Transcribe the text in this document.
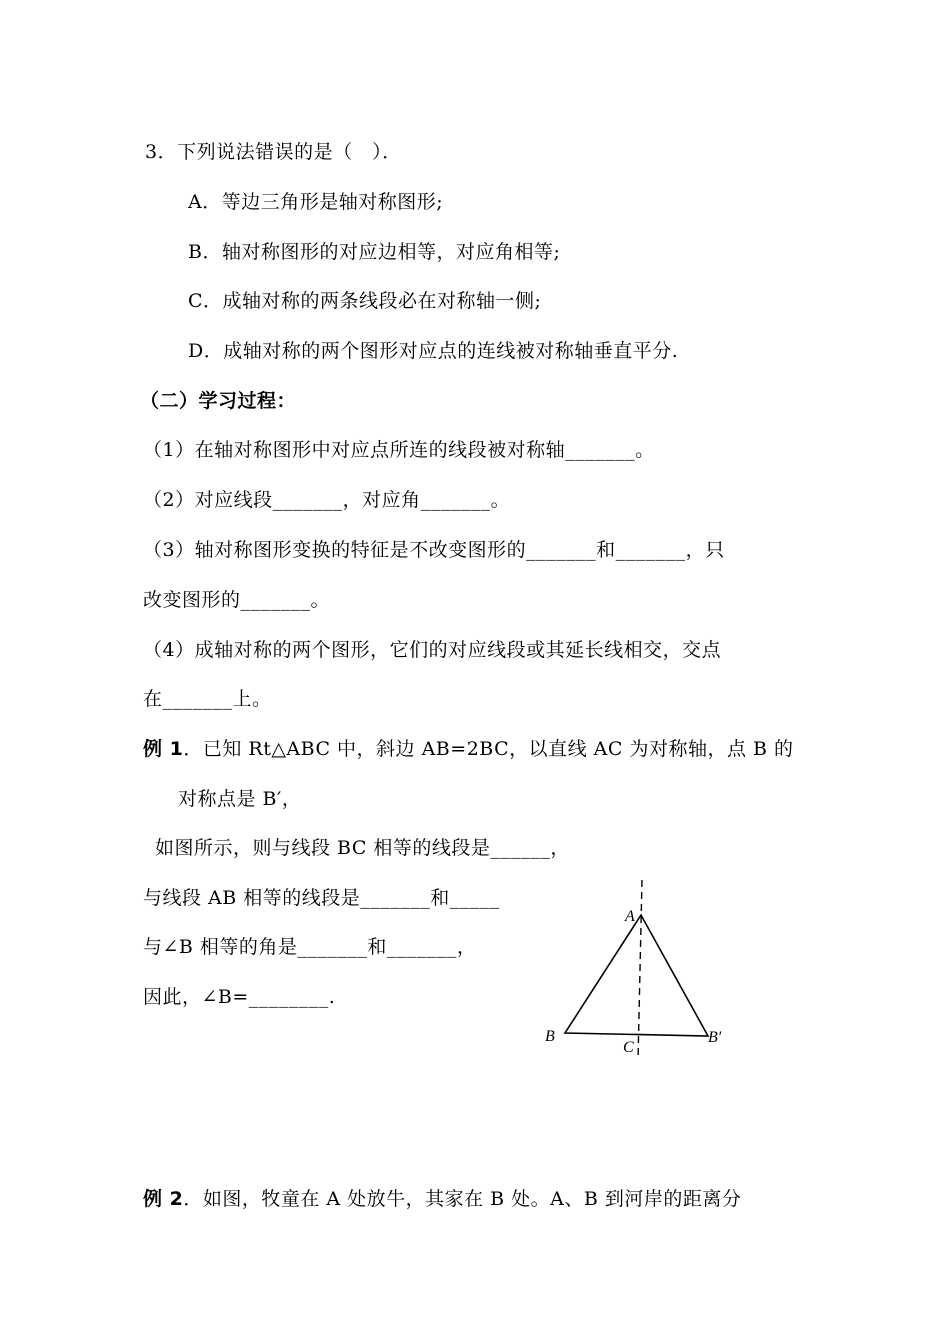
3．下列说法错误的是（　）．
A．等边三角形是轴对称图形;
B．轴对称图形的对应边相等，对应角相等;
C．成轴对称的两条线段必在对称轴一侧;
D．成轴对称的两个图形对应点的连线被对称轴垂直平分.
（二）学习过程：
（1）在轴对称图形中对应点所连的线段被对称轴_______。
（2）对应线段_______，对应角_______。
（3）轴对称图形变换的特征是不改变图形的_______和_______，只
改变图形的_______。
（4）成轴对称的两个图形，它们的对应线段或其延长线相交，交点
在_______上。
例 1．已知 Rt△ABC 中，斜边 AB=2BC，以直线 AC 为对称轴，点 B 的
对称点是 B′，
如图所示，则与线段 BC 相等的线段是______，
与线段 AB 相等的线段是_______和_____
与∠B 相等的角是_______和_______，
因此，∠B=________.
A
B
C
B′
例 2．如图，牧童在 A 处放牛，其家在 B 处。A、B 到河岸的距离分
